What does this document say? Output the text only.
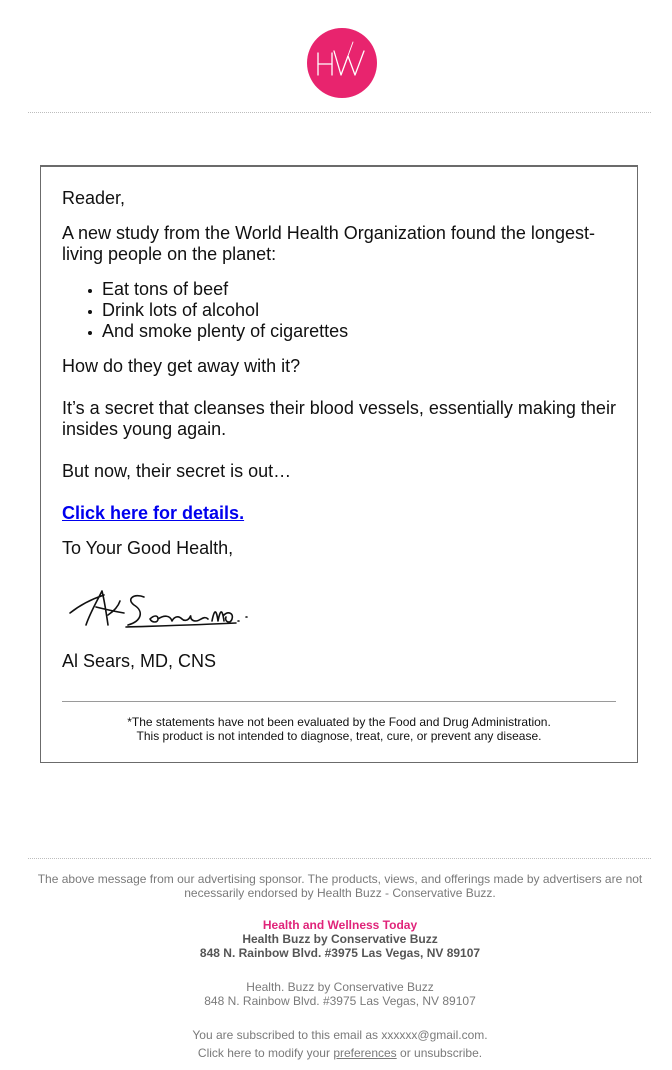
Reader,
A new study from the World Health Organization found the longest-living people on the planet:
Eat tons of beef
Drink lots of alcohol
And smoke plenty of cigarettes
How do they get away with it?
It’s a secret that cleanses their blood vessels, essentially making their insides young again.
But now, their secret is out…
Click here for details.
To Your Good Health,
Al Sears, MD, CNS
*The statements have not been evaluated by the Food and Drug Administration.
This product is not intended to diagnose, treat, cure, or prevent any disease.
The above message from our advertising sponsor. The products, views, and offerings made by advertisers are not necessarily endorsed by Health Buzz - Conservative Buzz.
Health and Wellness Today
Health Buzz by Conservative Buzz
848 N. Rainbow Blvd. #3975 Las Vegas, NV 89107
Health. Buzz by Conservative Buzz
848 N. Rainbow Blvd. #3975 Las Vegas, NV 89107
You are subscribed to this email as xxxxxx@gmail.com.
Click here to modify your preferences or unsubscribe.
